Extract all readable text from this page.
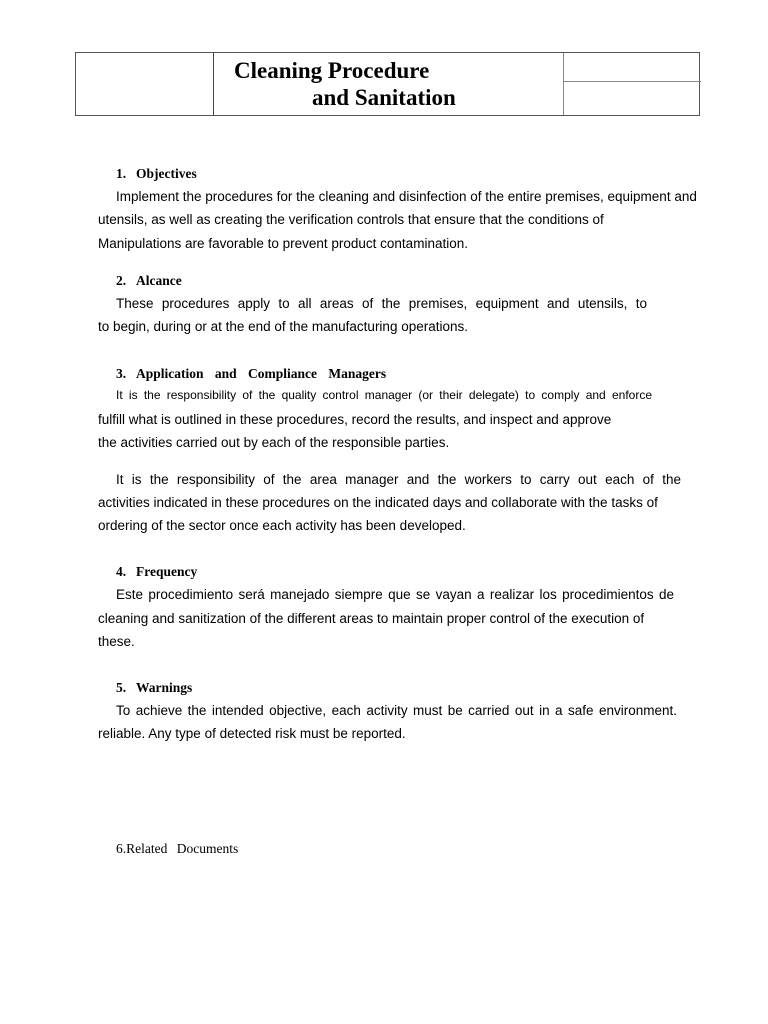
Cleaning Procedure
and Sanitation
1. Objectives
Implement the procedures for the cleaning and disinfection of the entire premises, equipment and
utensils, as well as creating the verification controls that ensure that the conditions of
Manipulations are favorable to prevent product contamination.
2. Alcance
These procedures apply to all areas of the premises, equipment and utensils, to
to begin, during or at the end of the manufacturing operations.
3. Application and Compliance Managers
It is the responsibility of the quality control manager (or their delegate) to comply and enforce
fulfill what is outlined in these procedures, record the results, and inspect and approve
the activities carried out by each of the responsible parties.
It is the responsibility of the area manager and the workers to carry out each of the
activities indicated in these procedures on the indicated days and collaborate with the tasks of
ordering of the sector once each activity has been developed.
4. Frequency
Este procedimiento será manejado siempre que se vayan a realizar los procedimientos de
cleaning and sanitization of the different areas to maintain proper control of the execution of
these.
5. Warnings
To achieve the intended objective, each activity must be carried out in a safe environment.
reliable. Any type of detected risk must be reported.
6.Related Documents
